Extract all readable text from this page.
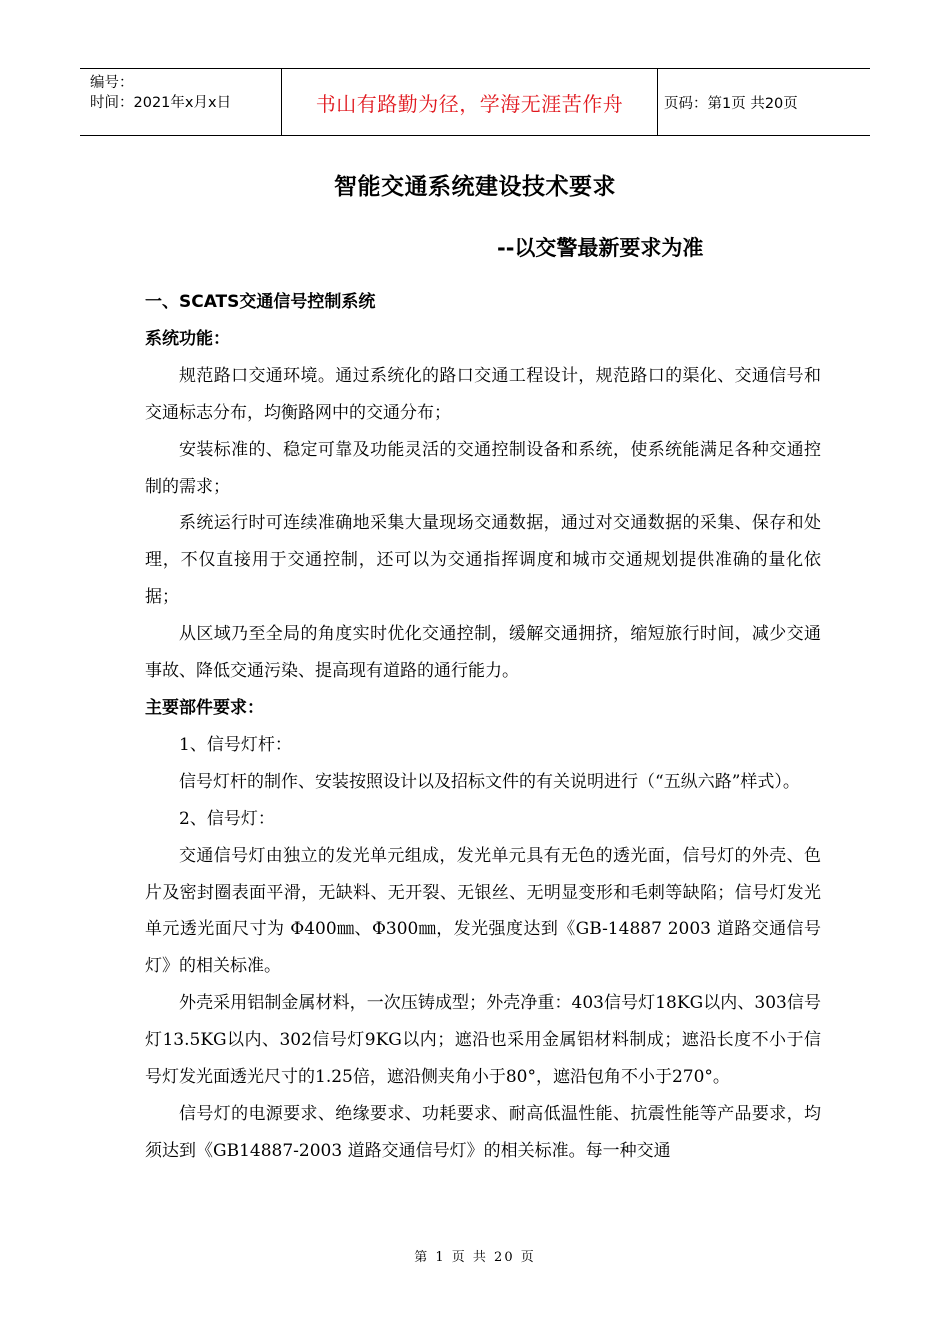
编号：
时间：2021年x月x日	书山有路勤为径，学海无涯苦作舟	页码：第1页 共20页
智能交通系统建设技术要求
--以交警最新要求为准

一、SCATS交通信号控制系统

系统功能：

规范路口交通环境。通过系统化的路口交通工程设计，规范路口的渠化、交通信号和交通标志分布，均衡路网中的交通分布；

安装标准的、稳定可靠及功能灵活的交通控制设备和系统，使系统能满足各种交通控制的需求；

系统运行时可连续准确地采集大量现场交通数据，通过对交通数据的采集、保存和处理，不仅直接用于交通控制，还可以为交通指挥调度和城市交通规划提供准确的量化依据；

从区域乃至全局的角度实时优化交通控制，缓解交通拥挤，缩短旅行时间，减少交通事故、降低交通污染、提高现有道路的通行能力。

主要部件要求：

1、信号灯杆：

信号灯杆的制作、安装按照设计以及招标文件的有关说明进行（“五纵六路”样式）。

2、信号灯：

交通信号灯由独立的发光单元组成，发光单元具有无色的透光面，信号灯的外壳、色片及密封圈表面平滑，无缺料、无开裂、无银丝、无明显变形和毛刺等缺陷；信号灯发光单元透光面尺寸为 Φ400㎜、Φ300㎜，发光强度达到《GB-14887 2003 道路交通信号灯》的相关标准。

外壳采用铝制金属材料，一次压铸成型；外壳净重：403信号灯18KG以内、303信号灯13.5KG以内、302信号灯9KG以内；遮沿也采用金属铝材料制成；遮沿长度不小于信号灯发光面透光尺寸的1.25倍，遮沿侧夹角小于80°，遮沿包角不小于270°。

信号灯的电源要求、绝缘要求、功耗要求、耐高低温性能、抗震性能等产品要求，均须达到《GB14887-2003 道路交通信号灯》的相关标准。每一种交通

第 1 页 共 20 页
